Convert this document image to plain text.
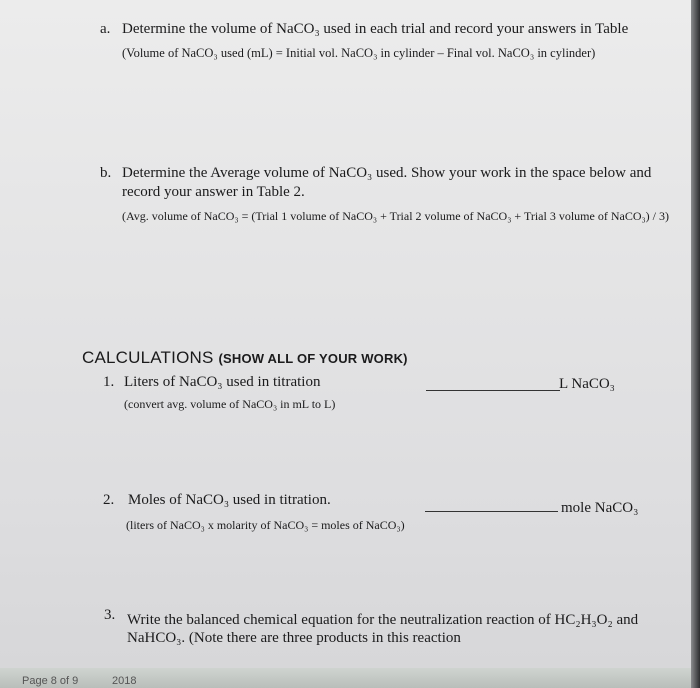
a. Determine the volume of NaCO₃ used in each trial and record your answers in Table
(Volume of NaCO₃ used (mL) = Initial vol. NaCO₃ in cylinder – Final vol. NaCO₃ in cylinder)
b. Determine the Average volume of NaCO₃ used. Show your work in the space below and
record your answer in Table 2.
(Avg. volume of NaCO₃ = (Trial 1 volume of NaCO₃ + Trial 2 volume of NaCO₃ + Trial 3 volume of NaCO₃) / 3)
CALCULATIONS (SHOW ALL OF YOUR WORK)
1. Liters of NaCO₃ used in titration
(convert avg. volume of NaCO₃ in mL to L)
L NaCO₃
2. Moles of NaCO₃ used in titration.
(liters of NaCO₃ x molarity of NaCO₃ = moles of NaCO₃)
mole NaCO₃
3. Write the balanced chemical equation for the neutralization reaction of HC₂H₃O₂ and
NaHCO₃. (Note there are three products in this reaction
Page 8 of 9	2018
